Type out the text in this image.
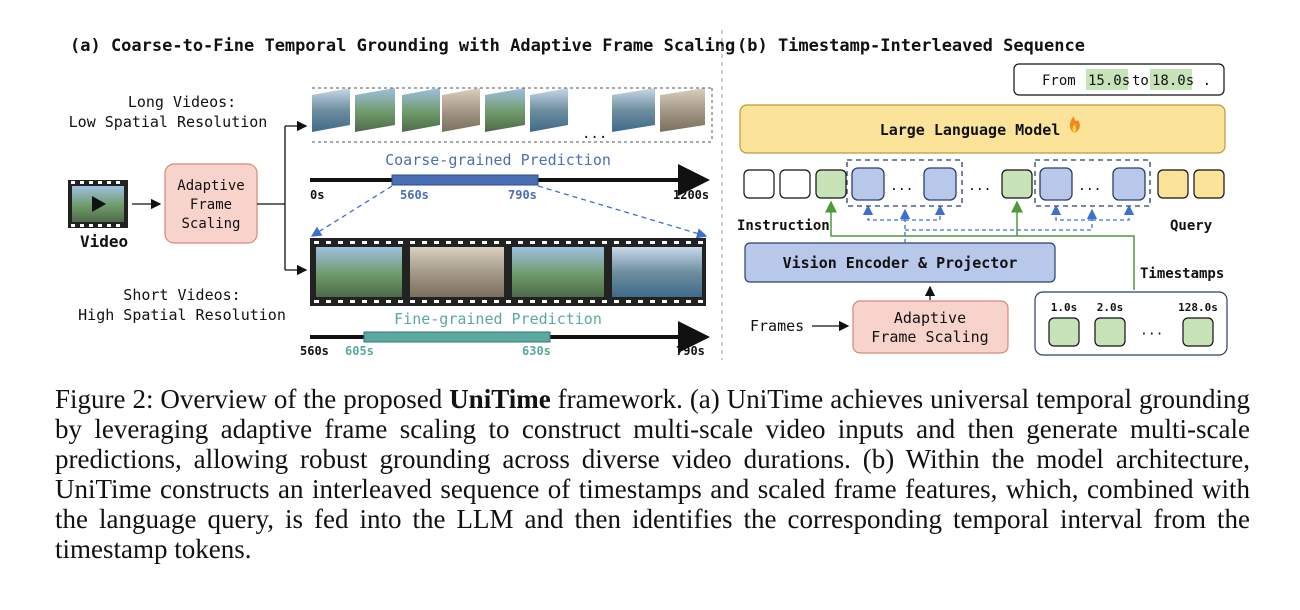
(a) Coarse-to-Fine Temporal Grounding with Adaptive Frame Scaling
Video
Adaptive
Frame
Scaling
Long Videos:
Low Spatial Resolution
...
Coarse-grained Prediction
0s	560s	790s	1200s
Short Videos:
High Spatial Resolution	Fine-grained Prediction
560s 605s	630s	790s
(b) Timestamp-Interleaved Sequence
From 15.0s to 18.0s .
Large Language Model
...	...	...
Instruction	Query
Vision Encoder & Projector
Timestamps
Frames	Adaptive
Frame Scaling
1.0s 2.0s	128.0s
···
Figure 2: Overview of the proposed UniTime framework. (a) UniTime achieves universal temporal grounding by leveraging adaptive frame scaling to construct multi-scale video inputs and then generate multi-scale predictions, allowing robust grounding across diverse video durations. (b) Within the model architecture, UniTime constructs an interleaved sequence of timestamps and scaled frame features, which, combined with the language query, is fed into the LLM and then identifies the corresponding temporal interval from the timestamp tokens.
